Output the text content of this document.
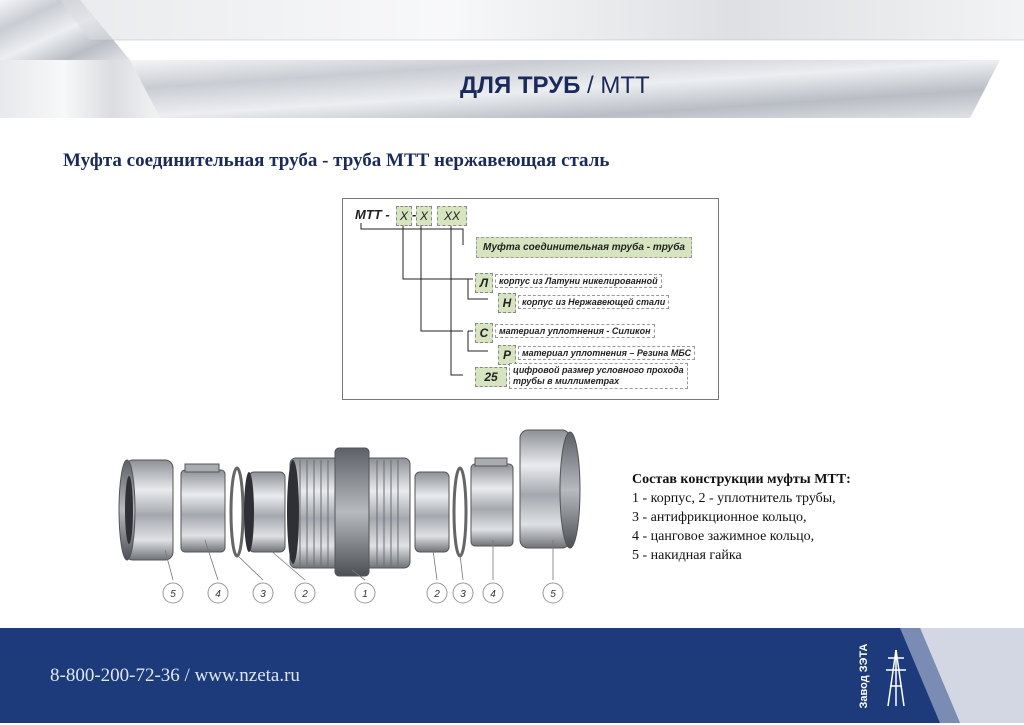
ДЛЯ ТРУБ / МТТ
Муфта соединительная труба - труба МТТ нержавеющая сталь
МТТ - X - X	XX
Муфта соединительная труба - труба
Л	корпус из Латуни никелированной
Н	корпус из Нержавеющей стали
С	материал уплотнения - Силикон
Р	материал уплотнения – Резина МБС
25	цифровой размер условного прохода
трубы в миллиметрах
5	4	3	2	1	2 3 4	5
Состав конструкции муфты МТТ:
1 - корпус, 2 - уплотнитель трубы,
3 - антифрикционное кольцо,
4 - цанговое зажимное кольцо,
5 - накидная гайка
Завод ЗЭТА
8-800-200-72-36 / www.nzeta.ru
